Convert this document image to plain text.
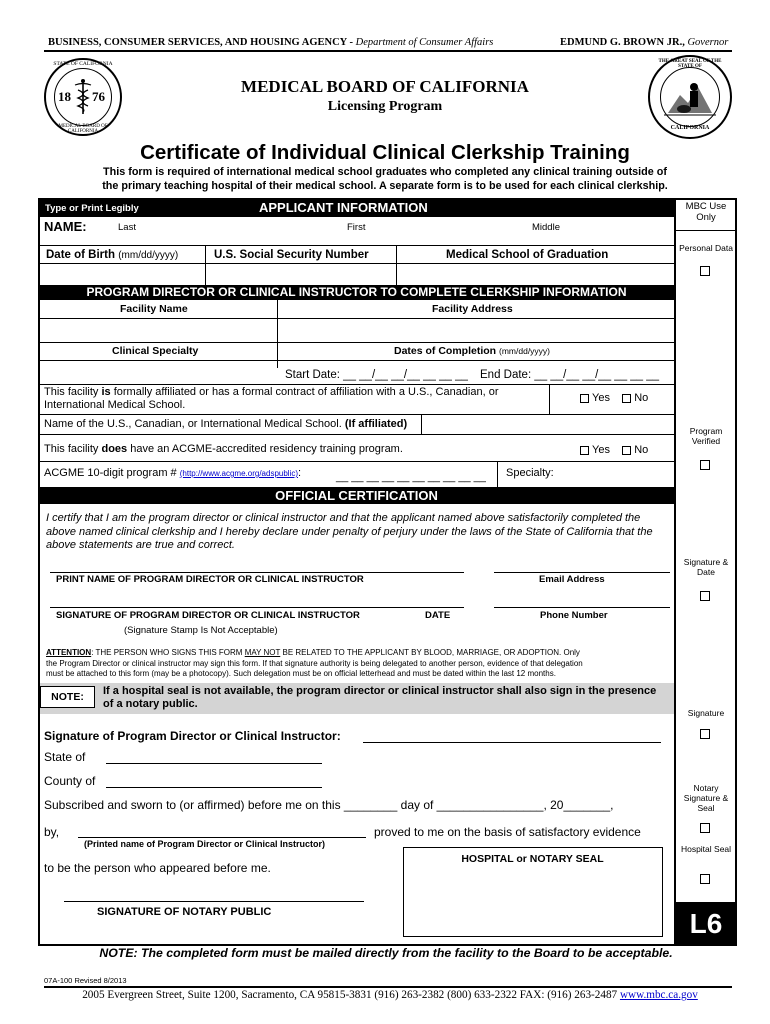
BUSINESS, CONSUMER SERVICES, AND HOUSING AGENCY - Department of Consumer Affairs	EDMUND G. BROWN JR., Governor
STATE OF CALIFORNIA
MEDICAL BOARD OF CALIFORNIA
18 76
MEDICAL BOARD OF CALIFORNIA
Licensing Program
THE GREAT SEAL OF THE STATE OF
CALIFORNIA
Certificate of Individual Clinical Clerkship Training
This form is required of international medical school graduates who completed any clinical training outside of
the primary teaching hospital of their medical school. A separate form is to be used for each clinical clerkship.
Type or Print Legibly	APPLICANT INFORMATION
NAME:	Last	First	Middle
Date of Birth (mm/dd/yyyy)	U.S. Social Security Number	Medical School of Graduation
PROGRAM DIRECTOR OR CLINICAL INSTRUCTOR TO COMPLETE CLERKSHIP INFORMATION
Facility Name	Facility Address
Clinical Specialty	Dates of Completion (mm/dd/yyyy)
Start Date: __ __/__ __/__ __ __ __ End Date: __ __/__ __/__ __ __ __
This facility is formally affiliated or has a formal contract of affiliation with a U.S., Canadian, or International Medical School.
Yes No
Name of the U.S., Canadian, or International Medical School. (If affiliated)
This facility does have an ACGME-accredited residency training program.	Yes No
ACGME 10-digit program # (http://www.acgme.org/adspublic):	__ __ __ __ __ __ __ __ __ __ Specialty:
OFFICIAL CERTIFICATION
I certify that I am the program director or clinical instructor and that the applicant named above satisfactorily completed the above named clinical clerkship and I hereby declare under penalty of perjury under the laws of the State of California that the above statements are true and correct.
PRINT NAME OF PROGRAM DIRECTOR OR CLINICAL INSTRUCTOR	Email Address
SIGNATURE OF PROGRAM DIRECTOR OR CLINICAL INSTRUCTOR	DATE	Phone Number
(Signature Stamp Is Not Acceptable)
ATTENTION: THE PERSON WHO SIGNS THIS FORM MAY NOT BE RELATED TO THE APPLICANT BY BLOOD, MARRIAGE, OR ADOPTION. Only
the Program Director or clinical instructor may sign this form. If that signature authority is being delegated to another person, evidence of that delegation
must be attached to this form (may be a photocopy). Such delegation must be on official letterhead and must be dated within the last 12 months.
NOTE:	If a hospital seal is not available, the program director or clinical instructor shall also sign in the presence of a notary public.
Signature of Program Director or Clinical Instructor:
State of
County of
Subscribed and sworn to (or affirmed) before me on this ________ day of ________________, 20_______,
by,	proved to me on the basis of satisfactory evidence
(Printed name of Program Director or Clinical Instructor)
to be the person who appeared before me.
HOSPITAL or NOTARY SEAL
SIGNATURE OF NOTARY PUBLIC
MBC Use Only
Personal Data
Program Verified
Signature & Date
Signature
Notary Signature & Seal
Hospital Seal
L6
NOTE: The completed form must be mailed directly from the facility to the Board to be acceptable.
07A-100 Revised 8/2013
2005 Evergreen Street, Suite 1200, Sacramento, CA 95815-3831 (916) 263-2382 (800) 633-2322 FAX: (916) 263-2487 www.mbc.ca.gov
